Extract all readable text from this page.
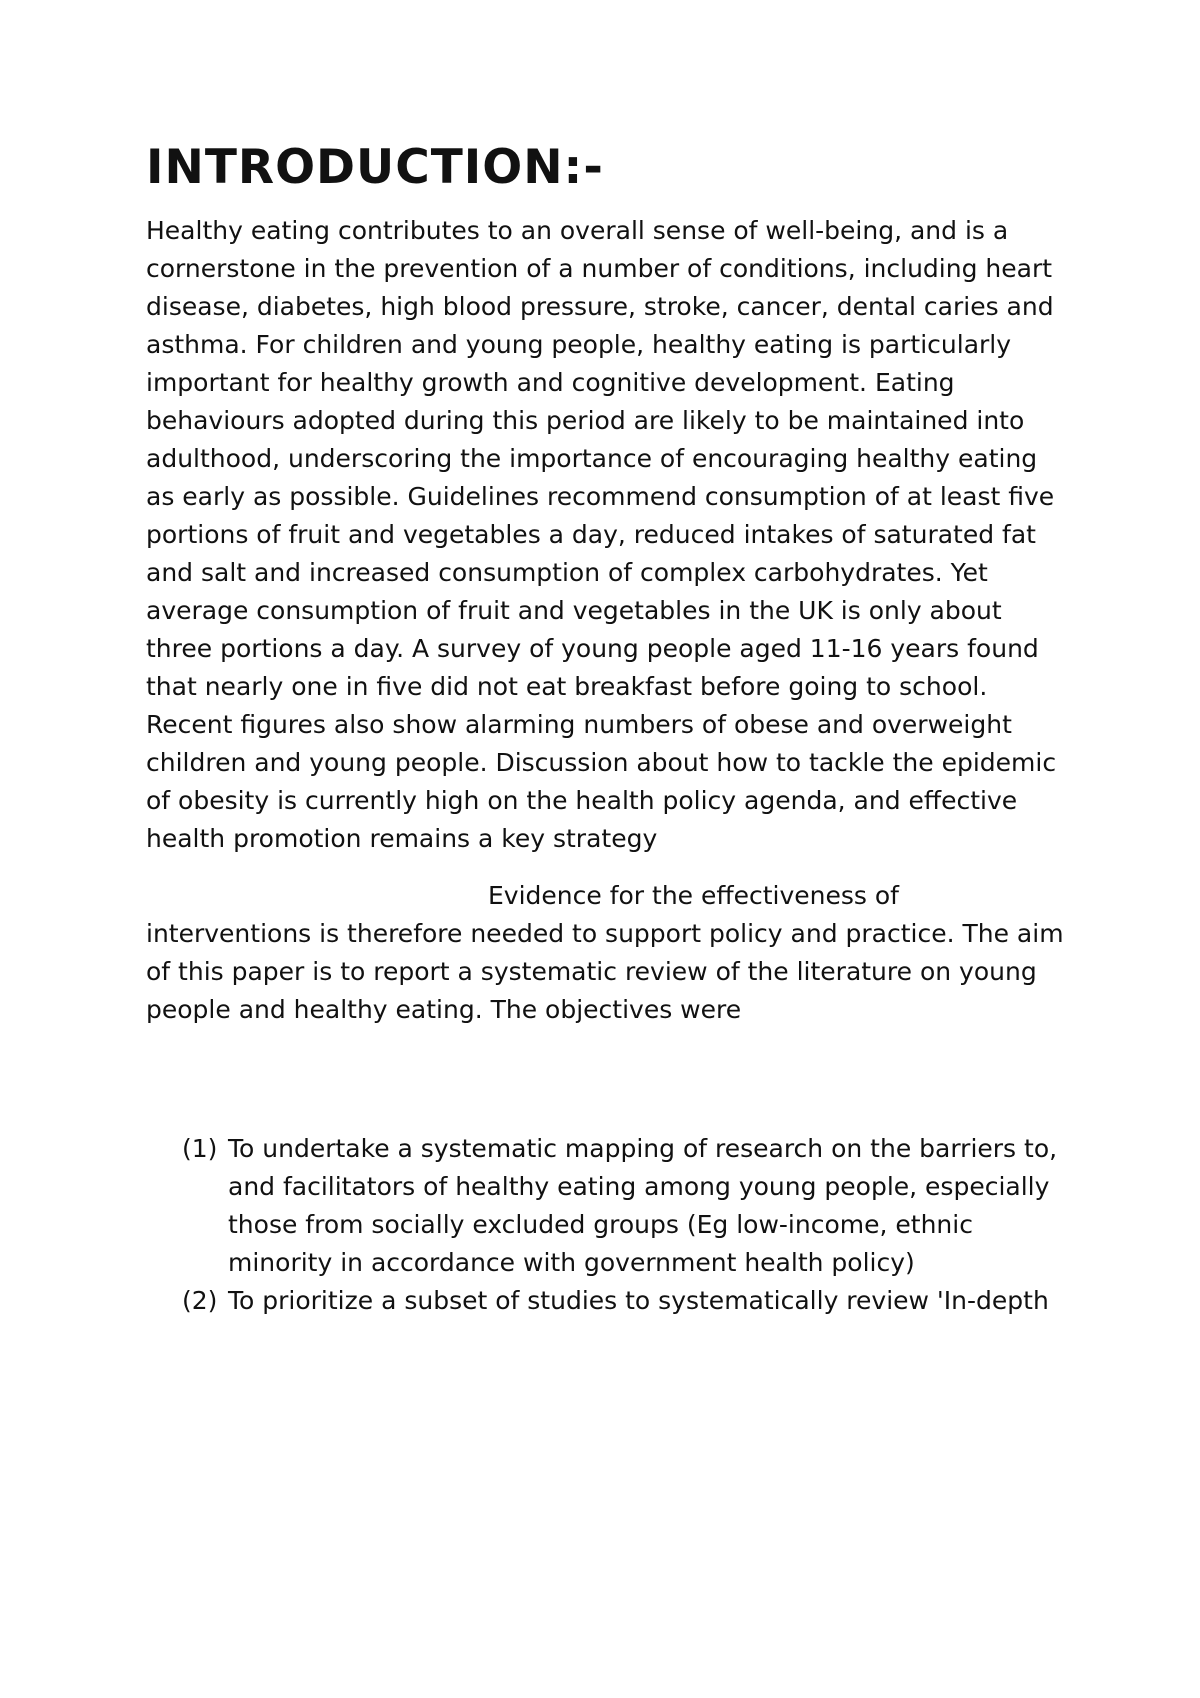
INTRODUCTION:-

Healthy eating contributes to an overall sense of well-being, and is a cornerstone in the prevention of a number of conditions, including heart disease, diabetes, high blood pressure, stroke, cancer, dental caries and asthma. For children and young people, healthy eating is particularly important for healthy growth and cognitive development. Eating behaviours adopted during this period are likely to be maintained into adulthood, underscoring the importance of encouraging healthy eating as early as possible. Guidelines recommend consumption of at least five portions of fruit and vegetables a day, reduced intakes of saturated fat and salt and increased consumption of complex carbohydrates. Yet average consumption of fruit and vegetables in the UK is only about three portions a day. A survey of young people aged 11-16 years found that nearly one in five did not eat breakfast before going to school. Recent figures also show alarming numbers of obese and overweight children and young people. Discussion about how to tackle the epidemic of obesity is currently high on the health policy agenda, and effective health promotion remains a key strategy

Evidence for the effectiveness of interventions is therefore needed to support policy and practice. The aim of this paper is to report a systematic review of the literature on young people and healthy eating. The objectives were

(1) To undertake a systematic mapping of research on the barriers to, and facilitators of healthy eating among young people, especially those from socially excluded groups (Eg low-income, ethnic minority in accordance with government health policy)
(2) To prioritize a subset of studies to systematically review 'In-depth
